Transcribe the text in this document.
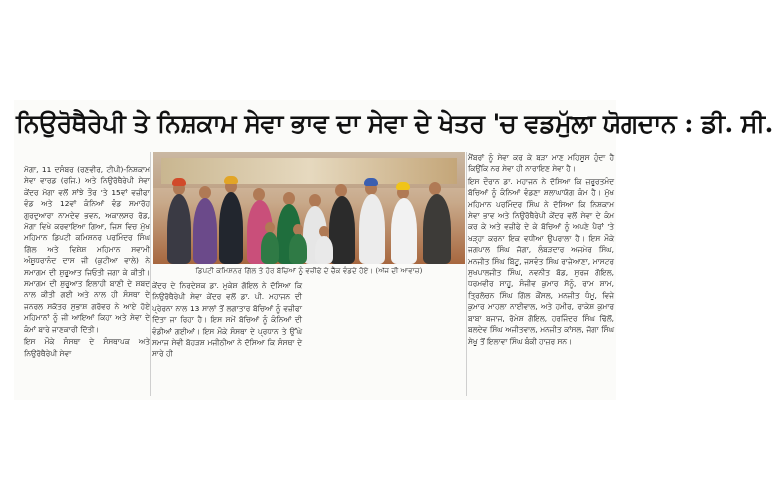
ਨਿਉਰੋਥੈਰੇਪੀ ਤੇ ਨਿਸ਼ਕਾਮ ਸੇਵਾ ਭਾਵ ਦਾ ਸੇਵਾ ਦੇ ਖੇਤਰ 'ਚ ਵਡਮੁੱਲਾ ਯੋਗਦਾਨ : ਡੀ. ਸੀ.

ਮੋਗਾ, 11 ਦਸੰਬਰ (ਰਣਵੀਰ, ਟੀਪੀ)-ਨਿਸ਼ਕਾਮ ਸੇਵਾ ਵਾਰਡ (ਰਜਿ.) ਅਤੇ ਨਿਉਰੋਥੈਰੇਪੀ ਸੇਵਾ ਕੇਂਦਰ ਮੋਗਾ ਵਲੋਂ ਸਾਂਝੇ ਤੌਰ 'ਤੇ 15ਵਾਂ ਵਜ਼ੀਫਾ ਵੰਡ ਅਤੇ 12ਵਾਂ ਕੰਨਿਆਂ ਵੰਡ ਸਮਾਰੋਹ ਗੁਰਦੁਆਰਾ ਨਾਮਦੇਵ ਭਵਨ, ਅਕਾਲਸਰ ਰੋਡ, ਮੋਗਾ ਵਿਖੇ ਕਰਵਾਇਆ ਗਿਆ, ਜਿਸ ਵਿਚ ਮੁੱਖ ਮਹਿਮਾਨ ਡਿਪਟੀ ਕਮਿਸ਼ਨਰ ਪਰਮਿੰਦਰ ਸਿੰਘ ਗਿੱਲ ਅਤੇ ਵਿਸ਼ੇਸ਼ ਮਹਿਮਾਨ ਸਵਾਮੀ ਅੰਸ਼ੂਧਰਾਨੰਦ ਦਾਸ ਜੀ (ਕੁਟੀਆ ਵਾਲੇ) ਨੇ ਸਮਾਗਮ ਦੀ ਸ਼ੁਰੂਆਤ ਜਿਓਤੀ ਜਗਾ ਕੇ ਕੀਤੀ। ਸਮਾਗਮ ਦੀ ਸ਼ੁਰੂਆਤ ਇਲਾਹੀ ਬਾਣੀ ਦੇ ਸ਼ਬਦ ਨਾਲ ਕੀਤੀ ਗਈ ਅਤੇ ਨਾਲ ਹੀ ਸੰਸਥਾ ਦੇ ਜਨਰਲ ਸਕੱਤਰ ਸੁਭਾਸ਼ ਗਰੋਵਰ ਨੇ ਆਏ ਹੋਏ ਮਹਿਮਾਨਾਂ ਨੂੰ ਜੀ ਆਇਆਂ ਕਿਹਾ ਅਤੇ ਸੇਵਾ ਦੇ ਕੰਮਾਂ ਬਾਰੇ ਜਾਣਕਾਰੀ ਦਿੱਤੀ।

ਇਸ ਮੌਕੇ ਸੰਸਥਾ ਦੇ ਸੰਸਥਾਪਕ ਅਤੇ ਨਿਉਰੋਥੈਰੇਪੀ ਸੇਵਾ

ਡਿਪਟੀ ਕਮਿਸ਼ਨਰ ਗਿੱਲ ਤੇ ਹੋਰ ਬੱਚਿਆਂ ਨੂੰ ਵਜ਼ੀਫੇ ਦੇ ਚੈੱਕ ਵੰਡਦੇ ਹੋਏ। (ਅੱਜ ਦੀ ਆਵਾਜ਼)
ਕੇਂਦਰ ਦੇ ਨਿਰਦੇਸ਼ਕ ਡਾ. ਮੁਕੇਸ਼ ਗੋਇਲ ਨੇ ਦੱਸਿਆ ਕਿ ਨਿਉਰੋਥੈਰੇਪੀ ਸੇਵਾ ਕੇਂਦਰ ਵਲੋਂ ਡਾ. ਪੀ. ਮਹਾਜਨ ਦੀ ਪ੍ਰੇਰਨਾ ਨਾਲ 13 ਸਾਲਾਂ ਤੋਂ ਲਗਾਤਾਰ ਬੱਚਿਆਂ ਨੂੰ ਵਜ਼ੀਫਾ ਦਿੱਤਾ ਜਾ ਰਿਹਾ ਹੈ। ਇਸ ਸਮੇਂ ਬੱਚਿਆਂ ਨੂੰ ਕੰਨਿਆਂ ਦੀ ਵੰਡੀਆਂ ਗਈਆਂ। ਇਸ ਮੌਕੇ ਸੰਸਥਾ ਦੇ ਪ੍ਰਧਾਨ ਤੇ ਉੱਘੇ ਸਮਾਜ ਸੇਵੀ ਬੋਹੜਸ਼ ਮਜੀਠੀਆ ਨੇ ਦੱਸਿਆ ਕਿ ਸੰਸਥਾ ਦੇ ਸਾਰੇ ਹੀ

ਮੈਂਬਰਾਂ ਨੂੰ ਸੇਵਾ ਕਰ ਕੇ ਬੜਾ ਮਾਣ ਮਹਿਸੂਸ ਹੁੰਦਾ ਹੈ ਕਿਉਂਕਿ ਨਰ ਸੇਵਾ ਹੀ ਨਾਰਾਇਣ ਸੇਵਾ ਹੈ।

ਇਸ ਦੌਰਾਨ ਡਾ. ਮਹਾਜਨ ਨੇ ਦੱਸਿਆ ਕਿ ਜ਼ਰੂਰਤਮੰਦ ਬੱਚਿਆਂ ਨੂੰ ਕੰਨਿਆਂ ਵੰਡਣਾ ਸ਼ਲਾਘਾਯੋਗ ਕੰਮ ਹੈ। ਮੁੱਖ ਮਹਿਮਾਨ ਪਰਮਿੰਦਰ ਸਿੰਘ ਨੇ ਦੱਸਿਆ ਕਿ ਨਿਸ਼ਕਾਮ ਸੇਵਾ ਭਾਵ ਅਤੇ ਨਿਉਰੋਥੈਰੇਪੀ ਕੇਂਦਰ ਵਲੋਂ ਸੇਵਾ ਦੇ ਕੰਮ ਕਰ ਕੇ ਅਤੇ ਵਜ਼ੀਫੇ ਦੇ ਕੇ ਬੱਚਿਆਂ ਨੂੰ ਅਪਣੇ ਪੈਰਾਂ 'ਤੇ ਖੜ੍ਹਾ ਕਰਨਾ ਇਕ ਵਧੀਆ ਉਪਰਾਲਾ ਹੈ। ਇਸ ਮੌਕੇ ਜਗਪਾਲ ਸਿੰਘ ਜੱਗਾ, ਲੰਬੜਦਾਰ ਅਜਮੇਰ ਸਿੰਘ, ਮਨਜੀਤ ਸਿੰਘ ਬਿੱਟੂ, ਜਸਵੰਤ ਸਿੰਘ ਰਾਜੇਆਣਾ, ਮਾਸਟਰ ਸੁਖਪਾਲਜੀਤ ਸਿੰਘ, ਨਵਨੀਤ ਬੱਡ, ਸੁਰਜ ਗੋਇਲ, ਧਰਮਵੀਰ ਸਾਹੂ, ਸੰਜੀਵ ਕੁਮਾਰ ਸੋਨੂੰ, ਰਾਮ ਸ਼ਾਮ, ਤ੍ਰਿਲੋਚਨ ਸਿੰਘ ਗਿੱਲ ਕੌਂਸਲ, ਮਨਜੀਤ ਧੰਮੂ, ਵਿਜੇ ਕੁਮਾਰ ਮਾਹਲਾ ਨਾਈਵਾਲ, ਅਤੇ ਹਮੀਰ, ਰਾਕੇਸ਼ ਕੁਮਾਰ ਬਾਬਾ ਬਜਾਜ, ਰੋਮੇਸ਼ ਗੋਇਲ, ਹਰਜਿੰਦਰ ਸਿੰਘ ਢਿੱਲੋਂ, ਬਲਦੇਵ ਸਿੰਘ ਅਜੀਤਵਾਲ, ਮਨਜੀਤ ਕਾਂਸਲ, ਜੋਗਾ ਸਿੰਘ ਸੇਖੂ ਤੋਂ ਇਲਾਵਾ ਸਿੰਘ ਬੰਕੀ ਹਾਜ਼ਰ ਸਨ।
